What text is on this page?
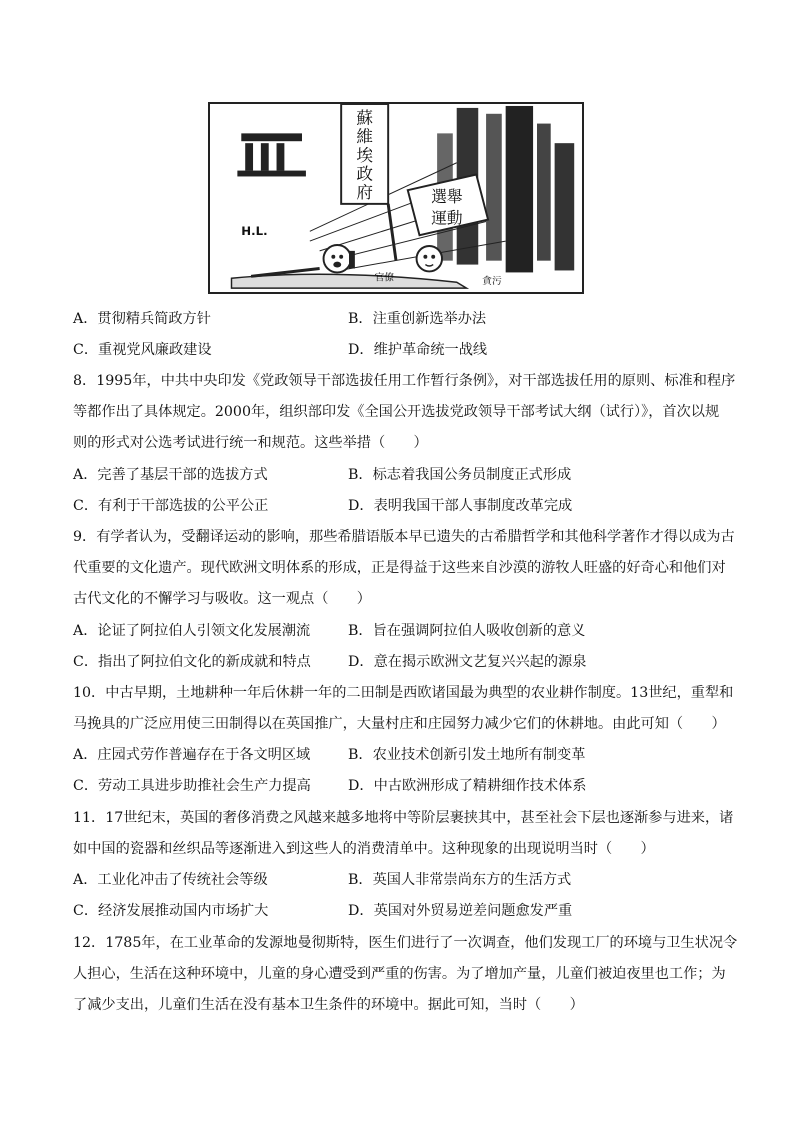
蘇
維
埃
政
府	選舉
運動
H.L.
官僚	貪污
A．贯彻精兵简政方针	B．注重创新选举办法
C．重视党风廉政建设	D．维护革命统一战线
8．1995年，中共中央印发《党政领导干部选拔任用工作暂行条例》，对干部选拔任用的原则、标准和程序
等都作出了具体规定。2000年，组织部印发《全国公开选拔党政领导干部考试大纲（试行）》，首次以规
则的形式对公选考试进行统一和规范。这些举措（　　）
A．完善了基层干部的选拔方式	B．标志着我国公务员制度正式形成
C．有利于干部选拔的公平公正	D．表明我国干部人事制度改革完成
9．有学者认为，受翻译运动的影响，那些希腊语版本早已遗失的古希腊哲学和其他科学著作才得以成为古
代重要的文化遗产。现代欧洲文明体系的形成，正是得益于这些来自沙漠的游牧人旺盛的好奇心和他们对
古代文化的不懈学习与吸收。这一观点（　　）
A．论证了阿拉伯人引领文化发展潮流	B．旨在强调阿拉伯人吸收创新的意义
C．指出了阿拉伯文化的新成就和特点	D．意在揭示欧洲文艺复兴兴起的源泉
10．中古早期，土地耕种一年后休耕一年的二田制是西欧诸国最为典型的农业耕作制度。13世纪，重犁和
马挽具的广泛应用使三田制得以在英国推广，大量村庄和庄园努力减少它们的休耕地。由此可知（　　）
A．庄园式劳作普遍存在于各文明区域	B．农业技术创新引发土地所有制变革
C．劳动工具进步助推社会生产力提高	D．中古欧洲形成了精耕细作技术体系
11．17世纪末，英国的奢侈消费之风越来越多地将中等阶层裹挟其中，甚至社会下层也逐渐参与进来，诸
如中国的瓷器和丝织品等逐渐进入到这些人的消费清单中。这种现象的出现说明当时（　　）
A．工业化冲击了传统社会等级	B．英国人非常崇尚东方的生活方式
C．经济发展推动国内市场扩大	D．英国对外贸易逆差问题愈发严重
12．1785年，在工业革命的发源地曼彻斯特，医生们进行了一次调查，他们发现工厂的环境与卫生状况令
人担心，生活在这种环境中，儿童的身心遭受到严重的伤害。为了增加产量，儿童们被迫夜里也工作；为
了减少支出，儿童们生活在没有基本卫生条件的环境中。据此可知，当时（　　）
